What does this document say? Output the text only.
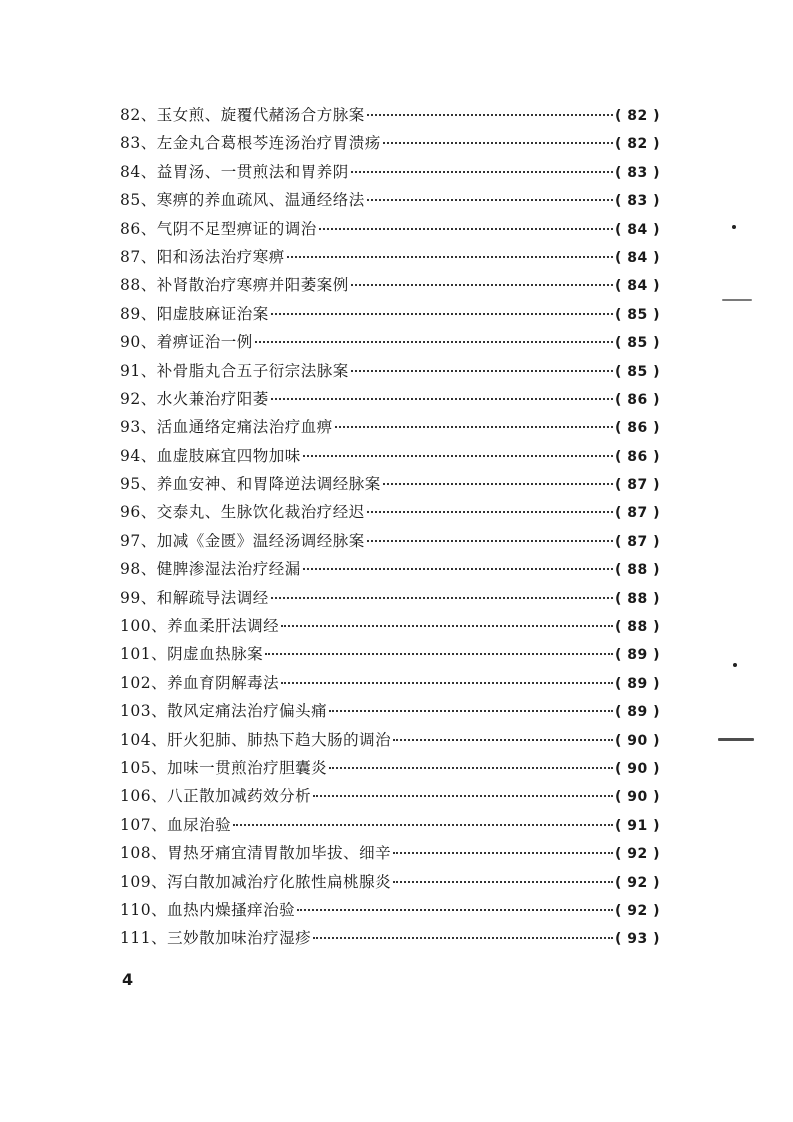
82、 玉女煎、旋覆代赭汤合方脉案	( 82 )
83、 左金丸合葛根芩连汤治疗胃溃疡	( 82 )
84、 益胃汤、一贯煎法和胃养阴	( 83 )
85、 寒痹的养血疏风、温通经络法	( 83 )
86、 气阴不足型痹证的调治	( 84 )
87、 阳和汤法治疗寒痹	( 84 )
88、 补肾散治疗寒痹并阳萎案例	( 84 )
89、 阳虚肢麻证治案	( 85 )
90、 着痹证治一例	( 85 )
91、 补骨脂丸合五子衍宗法脉案	( 85 )
92、 水火兼治疗阳萎	( 86 )
93、 活血通络定痛法治疗血痹	( 86 )
94、 血虚肢麻宜四物加味	( 86 )
95、 养血安神、和胃降逆法调经脉案	( 87 )
96、 交泰丸、生脉饮化裁治疗经迟	( 87 )
97、 加减《金匮》温经汤调经脉案	( 87 )
98、 健脾渗湿法治疗经漏	( 88 )
99、 和解疏导法调经	( 88 )
100、 养血柔肝法调经	( 88 )
101、 阴虚血热脉案	( 89 )
102、 养血育阴解毒法	( 89 )
103、 散风定痛法治疗偏头痛	( 89 )
104、 肝火犯肺、肺热下趋大肠的调治	( 90 )
105、 加味一贯煎治疗胆囊炎	( 90 )
106、 八正散加减药效分析	( 90 )
107、 血尿治验	( 91 )
108、 胃热牙痛宜清胃散加毕拔、细辛	( 92 )
109、 泻白散加减治疗化脓性扁桃腺炎	( 92 )
110、 血热内燥搔痒治验	( 92 )
111、 三妙散加味治疗湿疹	( 93 )
4
